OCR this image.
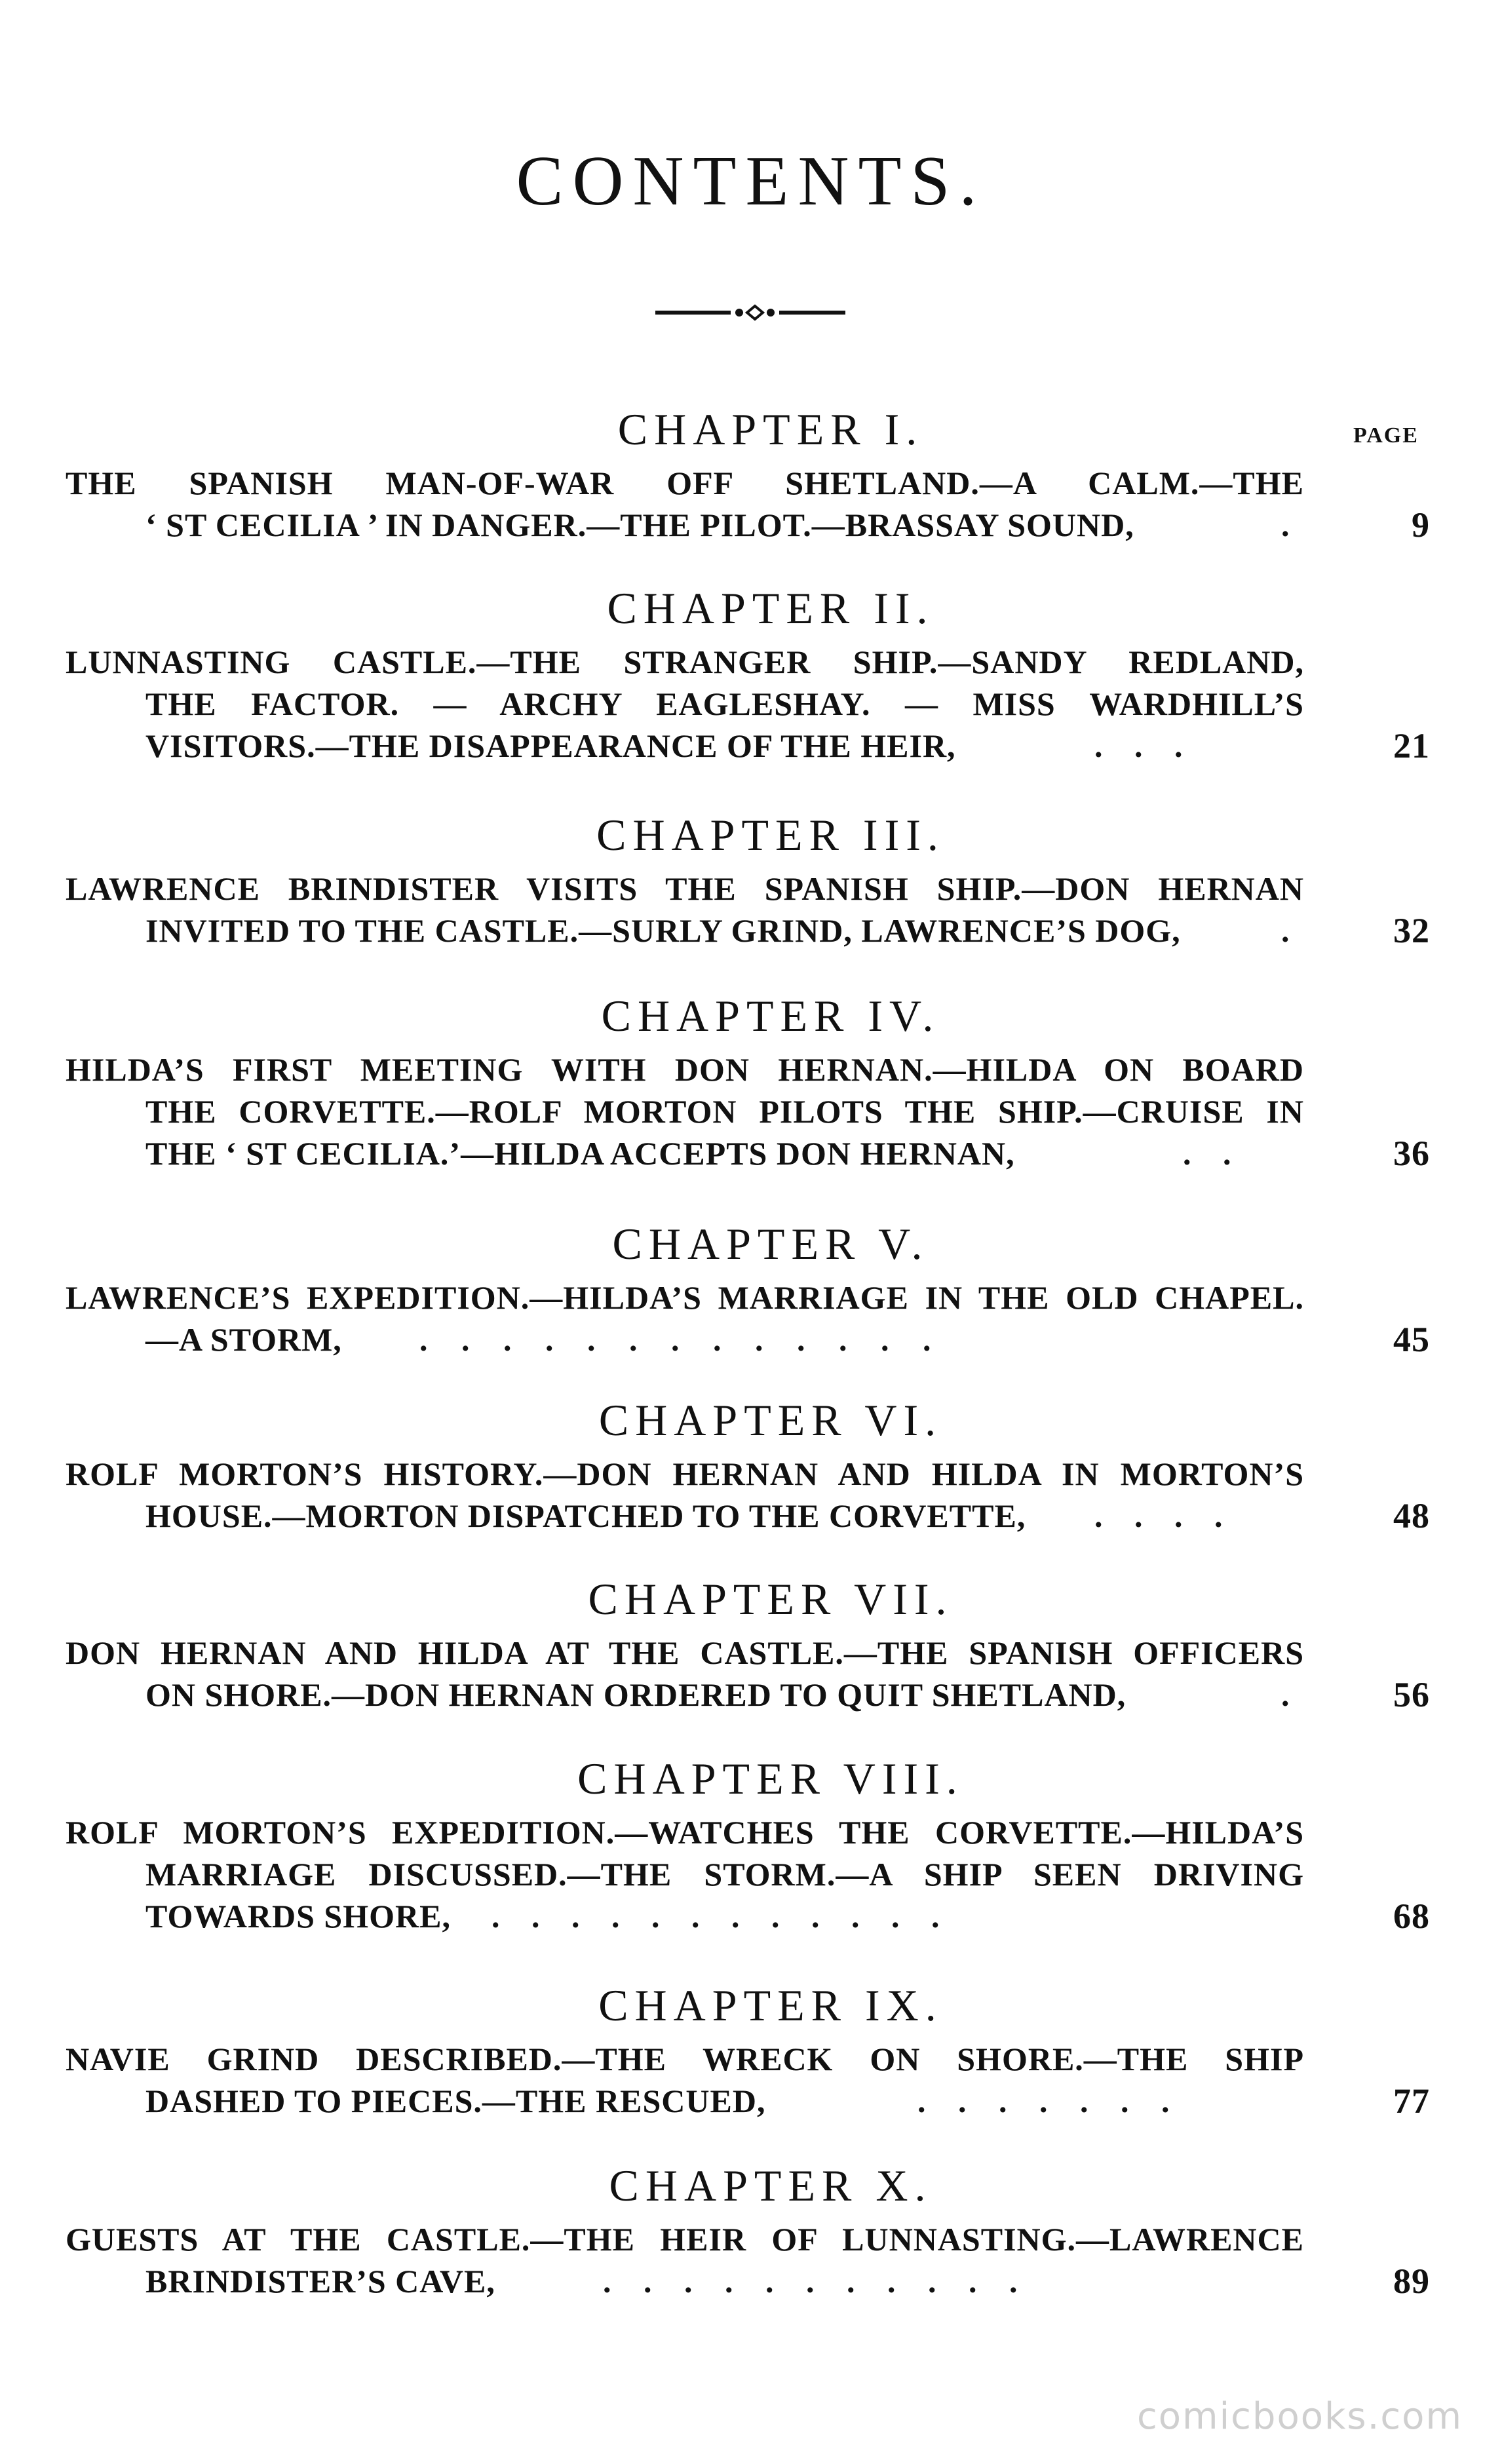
CONTENTS.
PAGE
CHAPTER I.
THE SPANISH MAN-OF-WAR OFF SHETLAND.—A CALM.—THE
‘ ST CECILIA ’ IN DANGER.—THE PILOT.—BRASSAY SOUND,	.	9
CHAPTER II.
LUNNASTING CASTLE.—THE STRANGER SHIP.—SANDY REDLAND,
THE FACTOR. — ARCHY EAGLESHAY. — MISS WARDHILL’S
VISITORS.—THE DISAPPEARANCE OF THE HEIR,	. . .	21
CHAPTER III.
LAWRENCE BRINDISTER VISITS THE SPANISH SHIP.—DON HERNAN
INVITED TO THE CASTLE.—SURLY GRIND, LAWRENCE’S DOG,	.	32
CHAPTER IV.
HILDA’S FIRST MEETING WITH DON HERNAN.—HILDA ON BOARD
THE CORVETTE.—ROLF MORTON PILOTS THE SHIP.—CRUISE IN
THE ‘ ST CECILIA.’—HILDA ACCEPTS DON HERNAN,	. .	36
CHAPTER V.
LAWRENCE’S EXPEDITION.—HILDA’S MARRIAGE IN THE OLD CHAPEL.
—A STORM,	. . . . . . . . . . . . .	45
CHAPTER VI.
ROLF MORTON’S HISTORY.—DON HERNAN AND HILDA IN MORTON’S
HOUSE.—MORTON DISPATCHED TO THE CORVETTE,	. . . .	48
CHAPTER VII.
DON HERNAN AND HILDA AT THE CASTLE.—THE SPANISH OFFICERS
ON SHORE.—DON HERNAN ORDERED TO QUIT SHETLAND,	.	56
CHAPTER VIII.
ROLF MORTON’S EXPEDITION.—WATCHES THE CORVETTE.—HILDA’S
MARRIAGE DISCUSSED.—THE STORM.—A SHIP SEEN DRIVING
TOWARDS SHORE,	. . . . . . . . . . . .	68
CHAPTER IX.
NAVIE GRIND DESCRIBED.—THE WRECK ON SHORE.—THE SHIP
DASHED TO PIECES.—THE RESCUED,	. . . . . . .	77
CHAPTER X.
GUESTS AT THE CASTLE.—THE HEIR OF LUNNASTING.—LAWRENCE
BRINDISTER’S CAVE,	. . . . . . . . . . .	89
comicbooks.com
